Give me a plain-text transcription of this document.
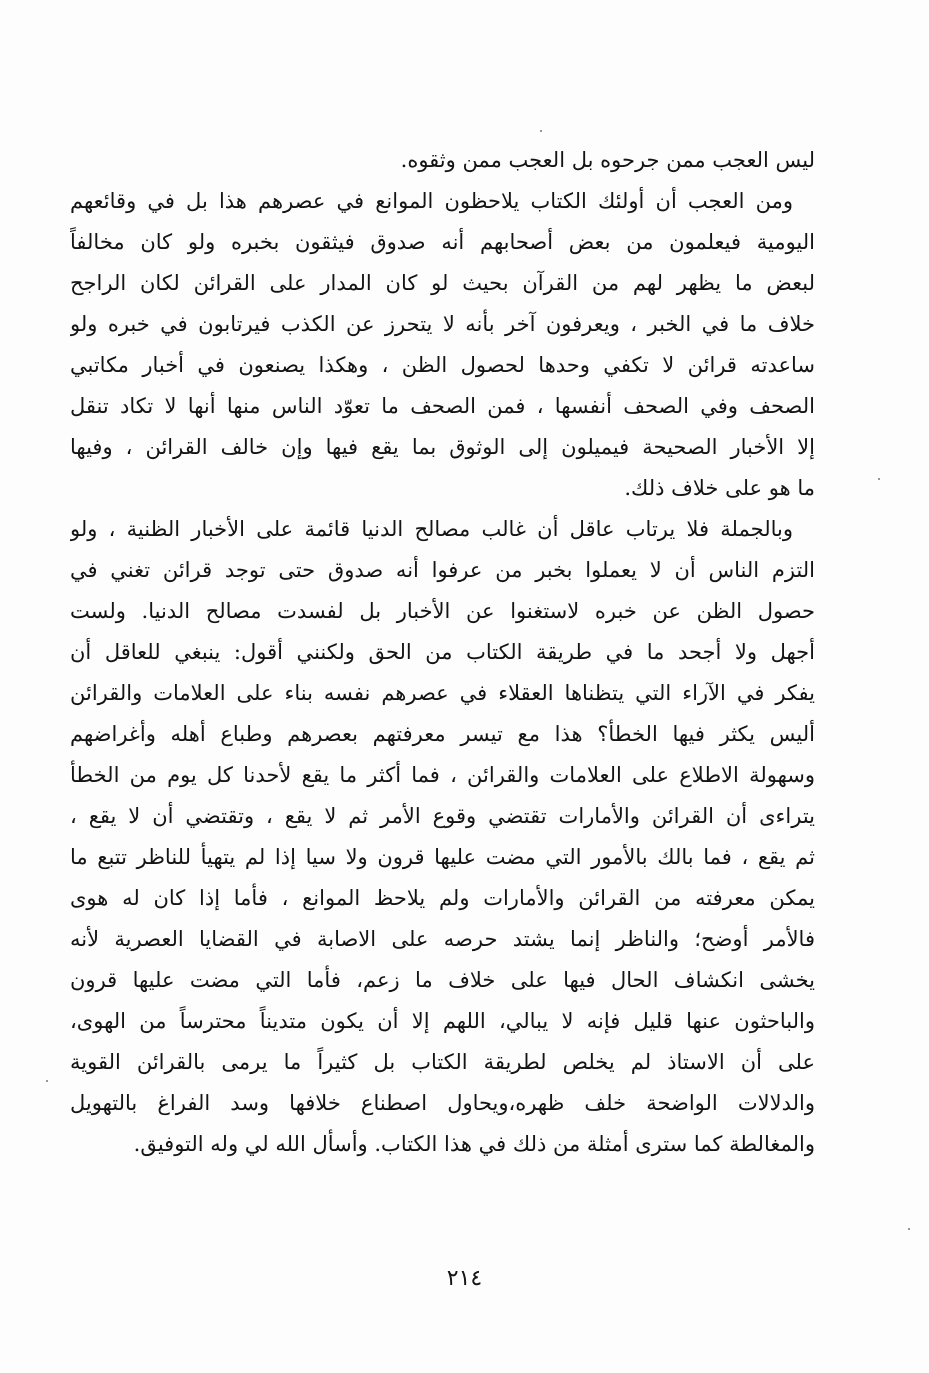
ليس العجب ممن جرحوه بل العجب ممن وثقوه.
ومن العجب أن أولئك الكتاب يلاحظون الموانع في عصرهم هذا بل في وقائعهم
اليومية فيعلمون من بعض أصحابهم أنه صدوق فيثقون بخبره ولو كان مخالفاً
لبعض ما يظهر لهم من القرآن بحيث لو كان المدار على القرائن لكان الراجح
خلاف ما في الخبر ، ويعرفون آخر بأنه لا يتحرز عن الكذب فيرتابون في خبره ولو
ساعدته قرائن لا تكفي وحدها لحصول الظن ، وهكذا يصنعون في أخبار مكاتبي
الصحف وفي الصحف أنفسها ، فمن الصحف ما تعوّد الناس منها أنها لا تكاد تنقل
إلا الأخبار الصحيحة فيميلون إلى الوثوق بما يقع فيها وإن خالف القرائن ، وفيها
ما هو على خلاف ذلك.
وبالجملة فلا يرتاب عاقل أن غالب مصالح الدنيا قائمة على الأخبار الظنية ، ولو
التزم الناس أن لا يعملوا بخبر من عرفوا أنه صدوق حتى توجد قرائن تغني في
حصول الظن عن خبره لاستغنوا عن الأخبار بل لفسدت مصالح الدنيا. ولست
أجهل ولا أجحد ما في طريقة الكتاب من الحق ولكنني أقول: ينبغي للعاقل أن
يفكر في الآراء التي يتظناها العقلاء في عصرهم نفسه بناء على العلامات والقرائن
أليس يكثر فيها الخطأ؟ هذا مع تيسر معرفتهم بعصرهم وطباع أهله وأغراضهم
وسهولة الاطلاع على العلامات والقرائن ، فما أكثر ما يقع لأحدنا كل يوم من الخطأ
يتراءى أن القرائن والأمارات تقتضي وقوع الأمر ثم لا يقع ، وتقتضي أن لا يقع ،
ثم يقع ، فما بالك بالأمور التي مضت عليها قرون ولا سيا إذا لم يتهيأ للناظر تتبع ما
يمكن معرفته من القرائن والأمارات ولم يلاحظ الموانع ، فأما إذا كان له هوى
فالأمر أوضح؛ والناظر إنما يشتد حرصه على الاصابة في القضايا العصرية لأنه
يخشى انكشاف الحال فيها على خلاف ما زعم، فأما التي مضت عليها قرون
والباحثون عنها قليل فإنه لا يبالي، اللهم إلا أن يكون متديناً محترساً من الهوى،
على أن الاستاذ لم يخلص لطريقة الكتاب بل كثيراً ما يرمى بالقرائن القوية
والدلالات الواضحة خلف ظهره،ويحاول اصطناع خلافها وسد الفراغ بالتهويل
والمغالطة كما سترى أمثلة من ذلك في هذا الكتاب. وأسأل الله لي وله التوفيق.
٢١٤
